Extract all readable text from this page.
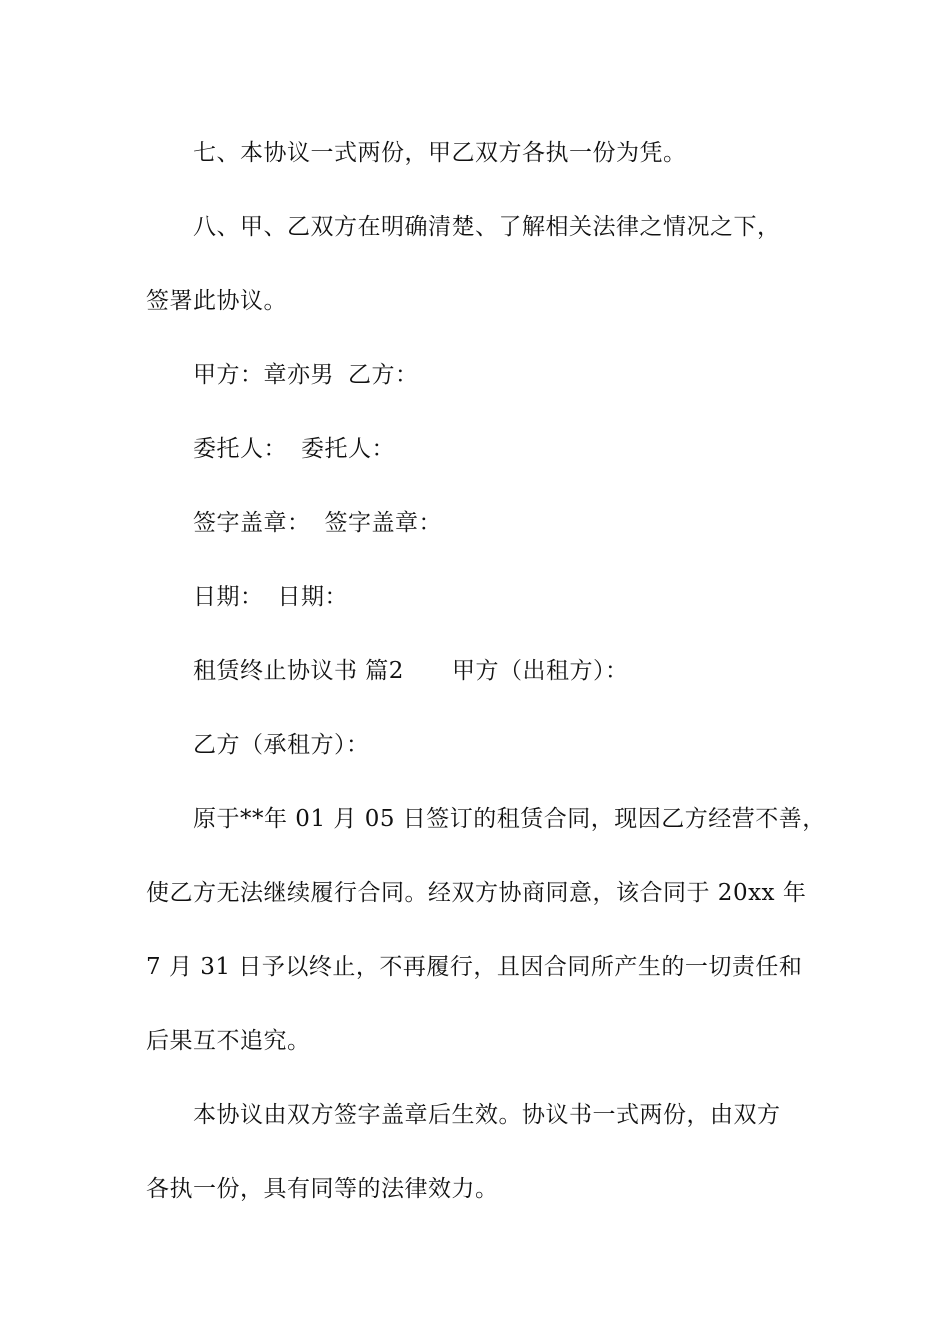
七、本协议一式两份，甲乙双方各执一份为凭。
八、甲、乙双方在明确清楚、了解相关法律之情况之下，
签署此协议。
甲方：章亦男 乙方：
委托人： 委托人：
签字盖章： 签字盖章：
日期： 日期：
租赁终止协议书 篇2 甲方（出租方）：
乙方（承租方）：
原于**年 01 月 05 日签订的租赁合同，现因乙方经营不善，
使乙方无法继续履行合同。经双方协商同意，该合同于 20xx 年
7 月 31 日予以终止，不再履行，且因合同所产生的一切责任和
后果互不追究。
本协议由双方签字盖章后生效。协议书一式两份，由双方
各执一份，具有同等的法律效力。
